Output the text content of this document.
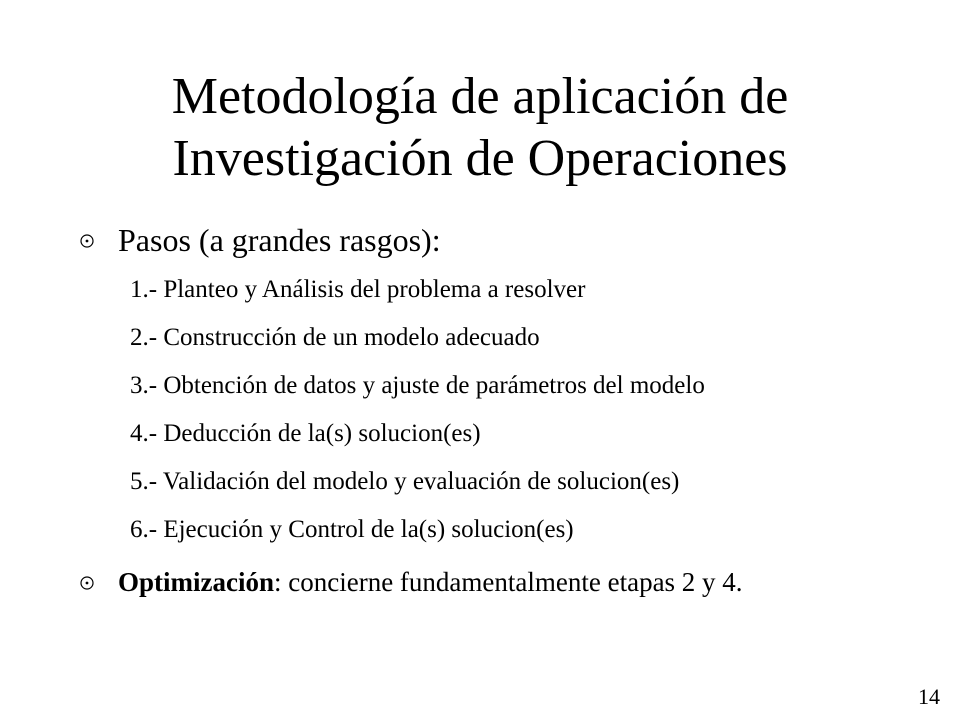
Metodología de aplicación de
Investigación de Operaciones
Pasos (a grandes rasgos):
1.- Planteo y Análisis del problema a resolver
2.- Construcción de un modelo adecuado
3.- Obtención de datos y ajuste de parámetros del modelo
4.- Deducción de la(s) solucion(es)
5.- Validación del modelo y evaluación de solucion(es)
6.- Ejecución y Control de la(s) solucion(es)
Optimización: concierne fundamentalmente etapas 2 y 4.
14
